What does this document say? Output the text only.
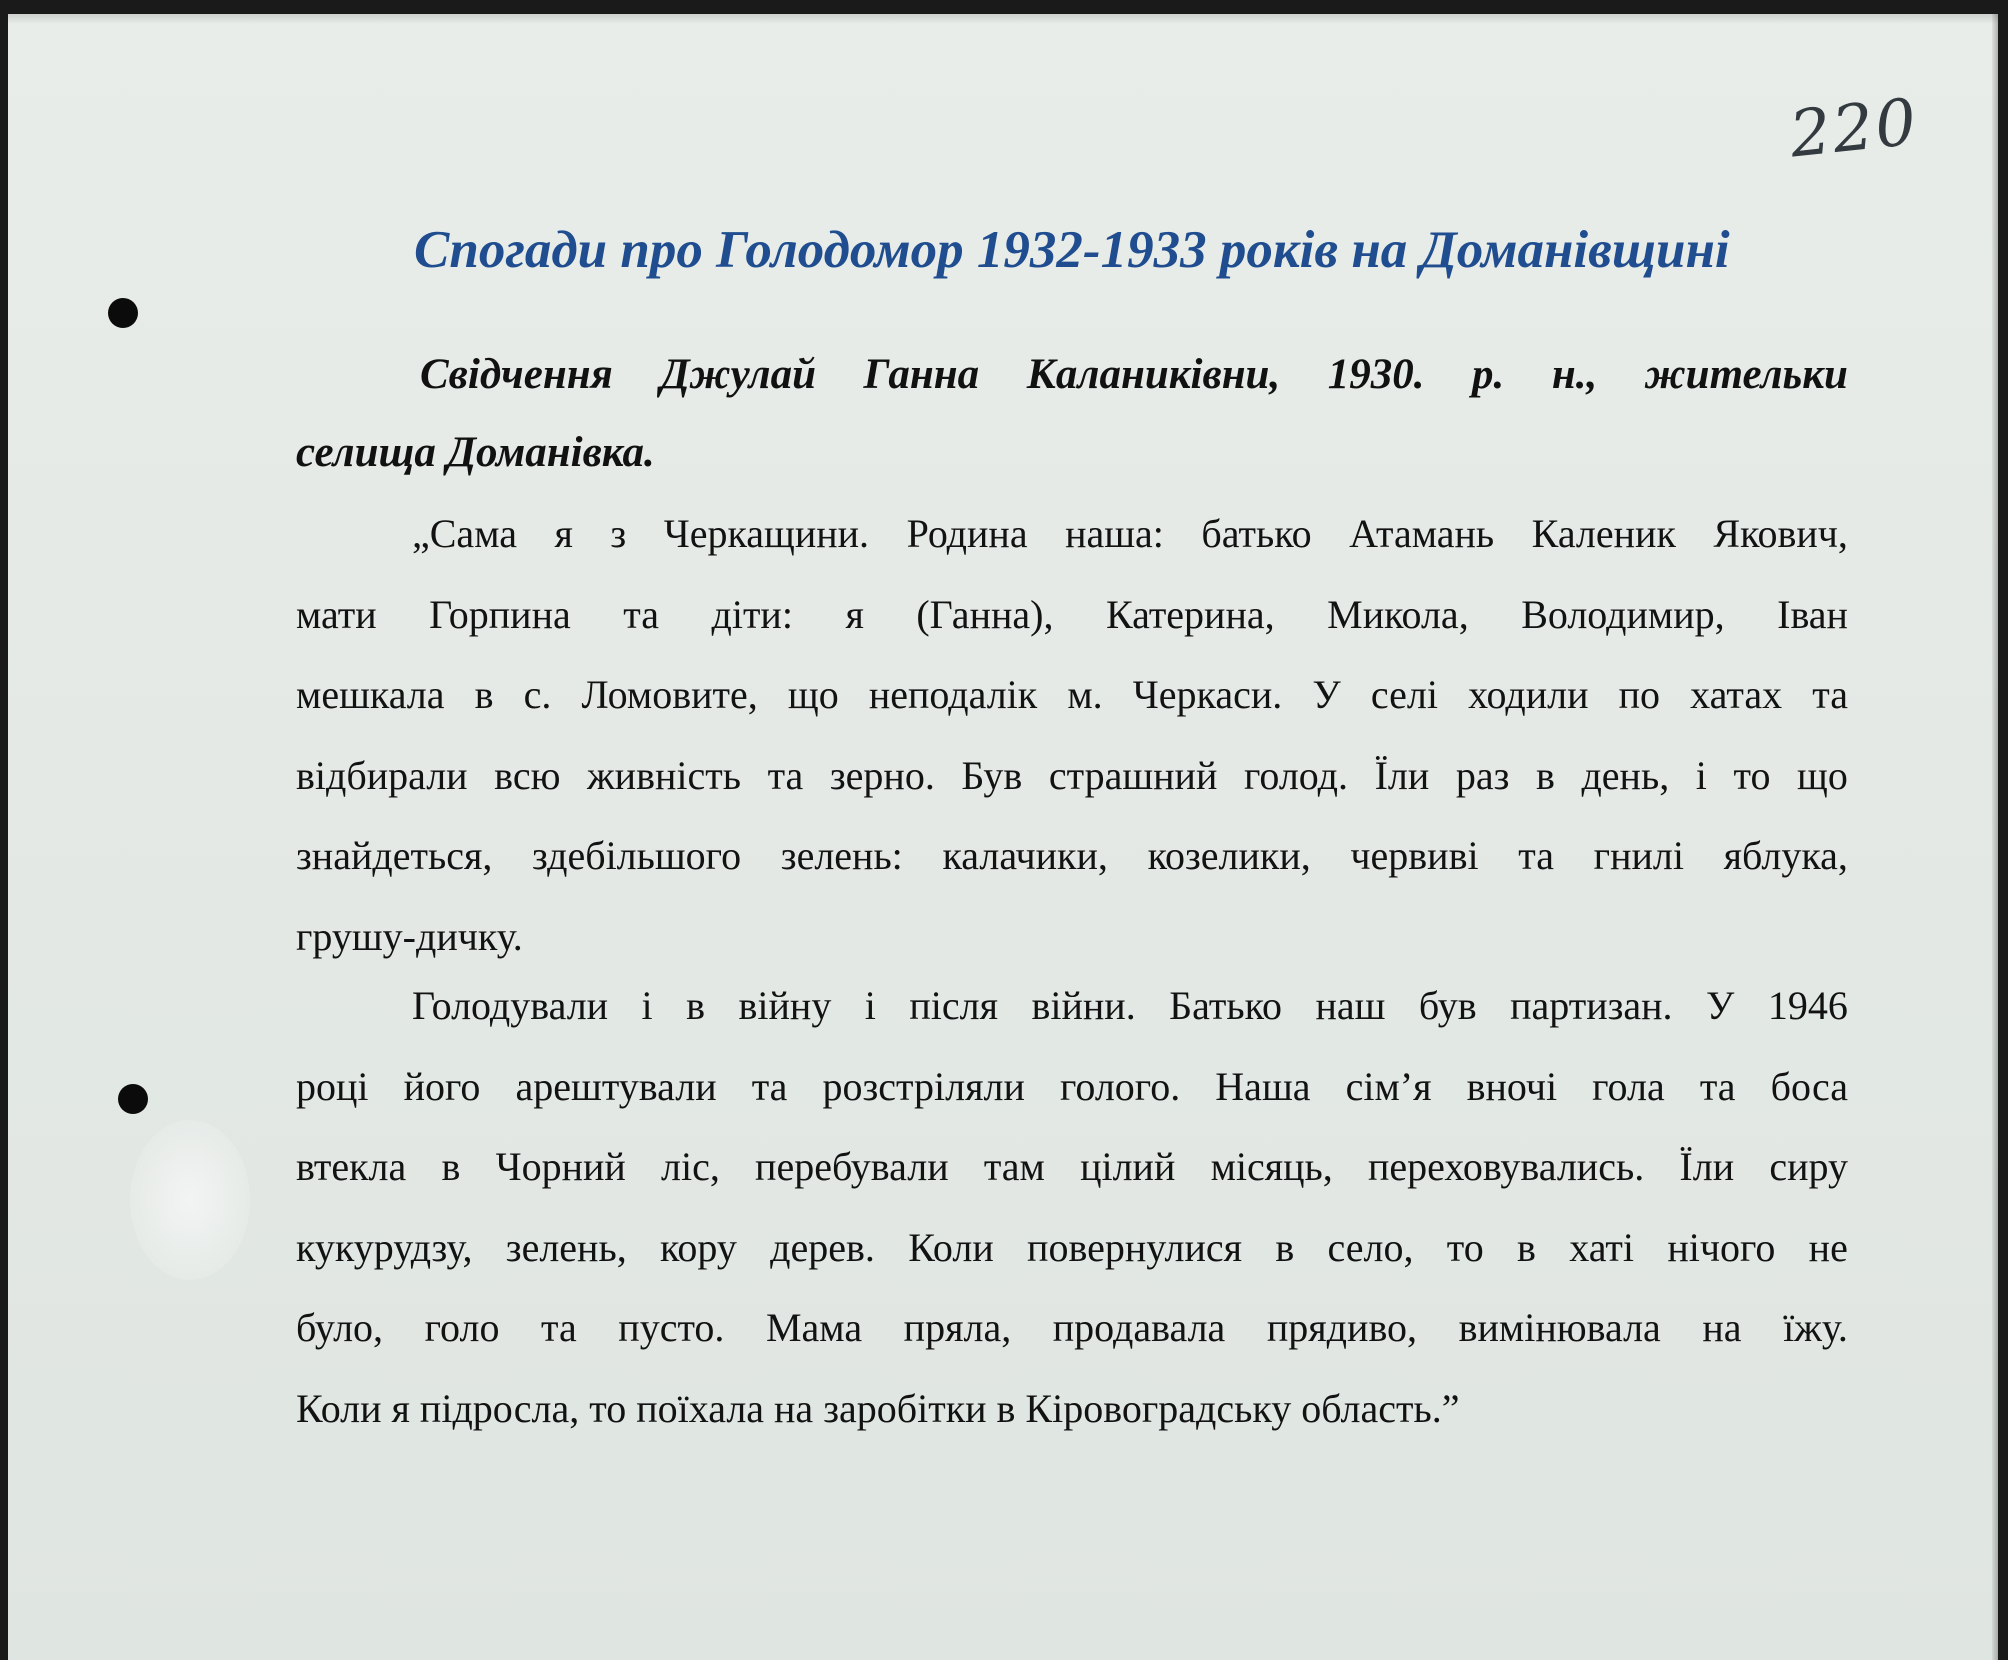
220
Спогади про Голодомор 1932-1933 років на Доманівщині
Свідчення Джулай Ганна Каланиківни, 1930. р. н., жительки
селища Доманівка.
„Сама я з Черкащини. Родина наша: батько Атамань Каленик Якович,
мати Горпина та діти: я (Ганна), Катерина, Микола, Володимир, Іван
мешкала в с. Ломовите, що неподалік м. Черкаси. У селі ходили по хатах та
відбирали всю живність та зерно. Був страшний голод. Їли раз в день, і то що
знайдеться, здебільшого зелень: калачики, козелики, червиві та гнилі яблука,
грушу-дичку.
Голодували і в війну і після війни. Батько наш був партизан. У 1946
році його арештували та розстріляли голого. Наша сім’я вночі гола та боса
втекла в Чорний ліс, перебували там цілий місяць, переховувались. Їли сиру
кукурудзу, зелень, кору дерев. Коли повернулися в село, то в хаті нічого не
було, голо та пусто. Мама пряла, продавала прядиво, вимінювала на їжу.
Коли я підросла, то поїхала на заробітки в Кіровоградську область.”
